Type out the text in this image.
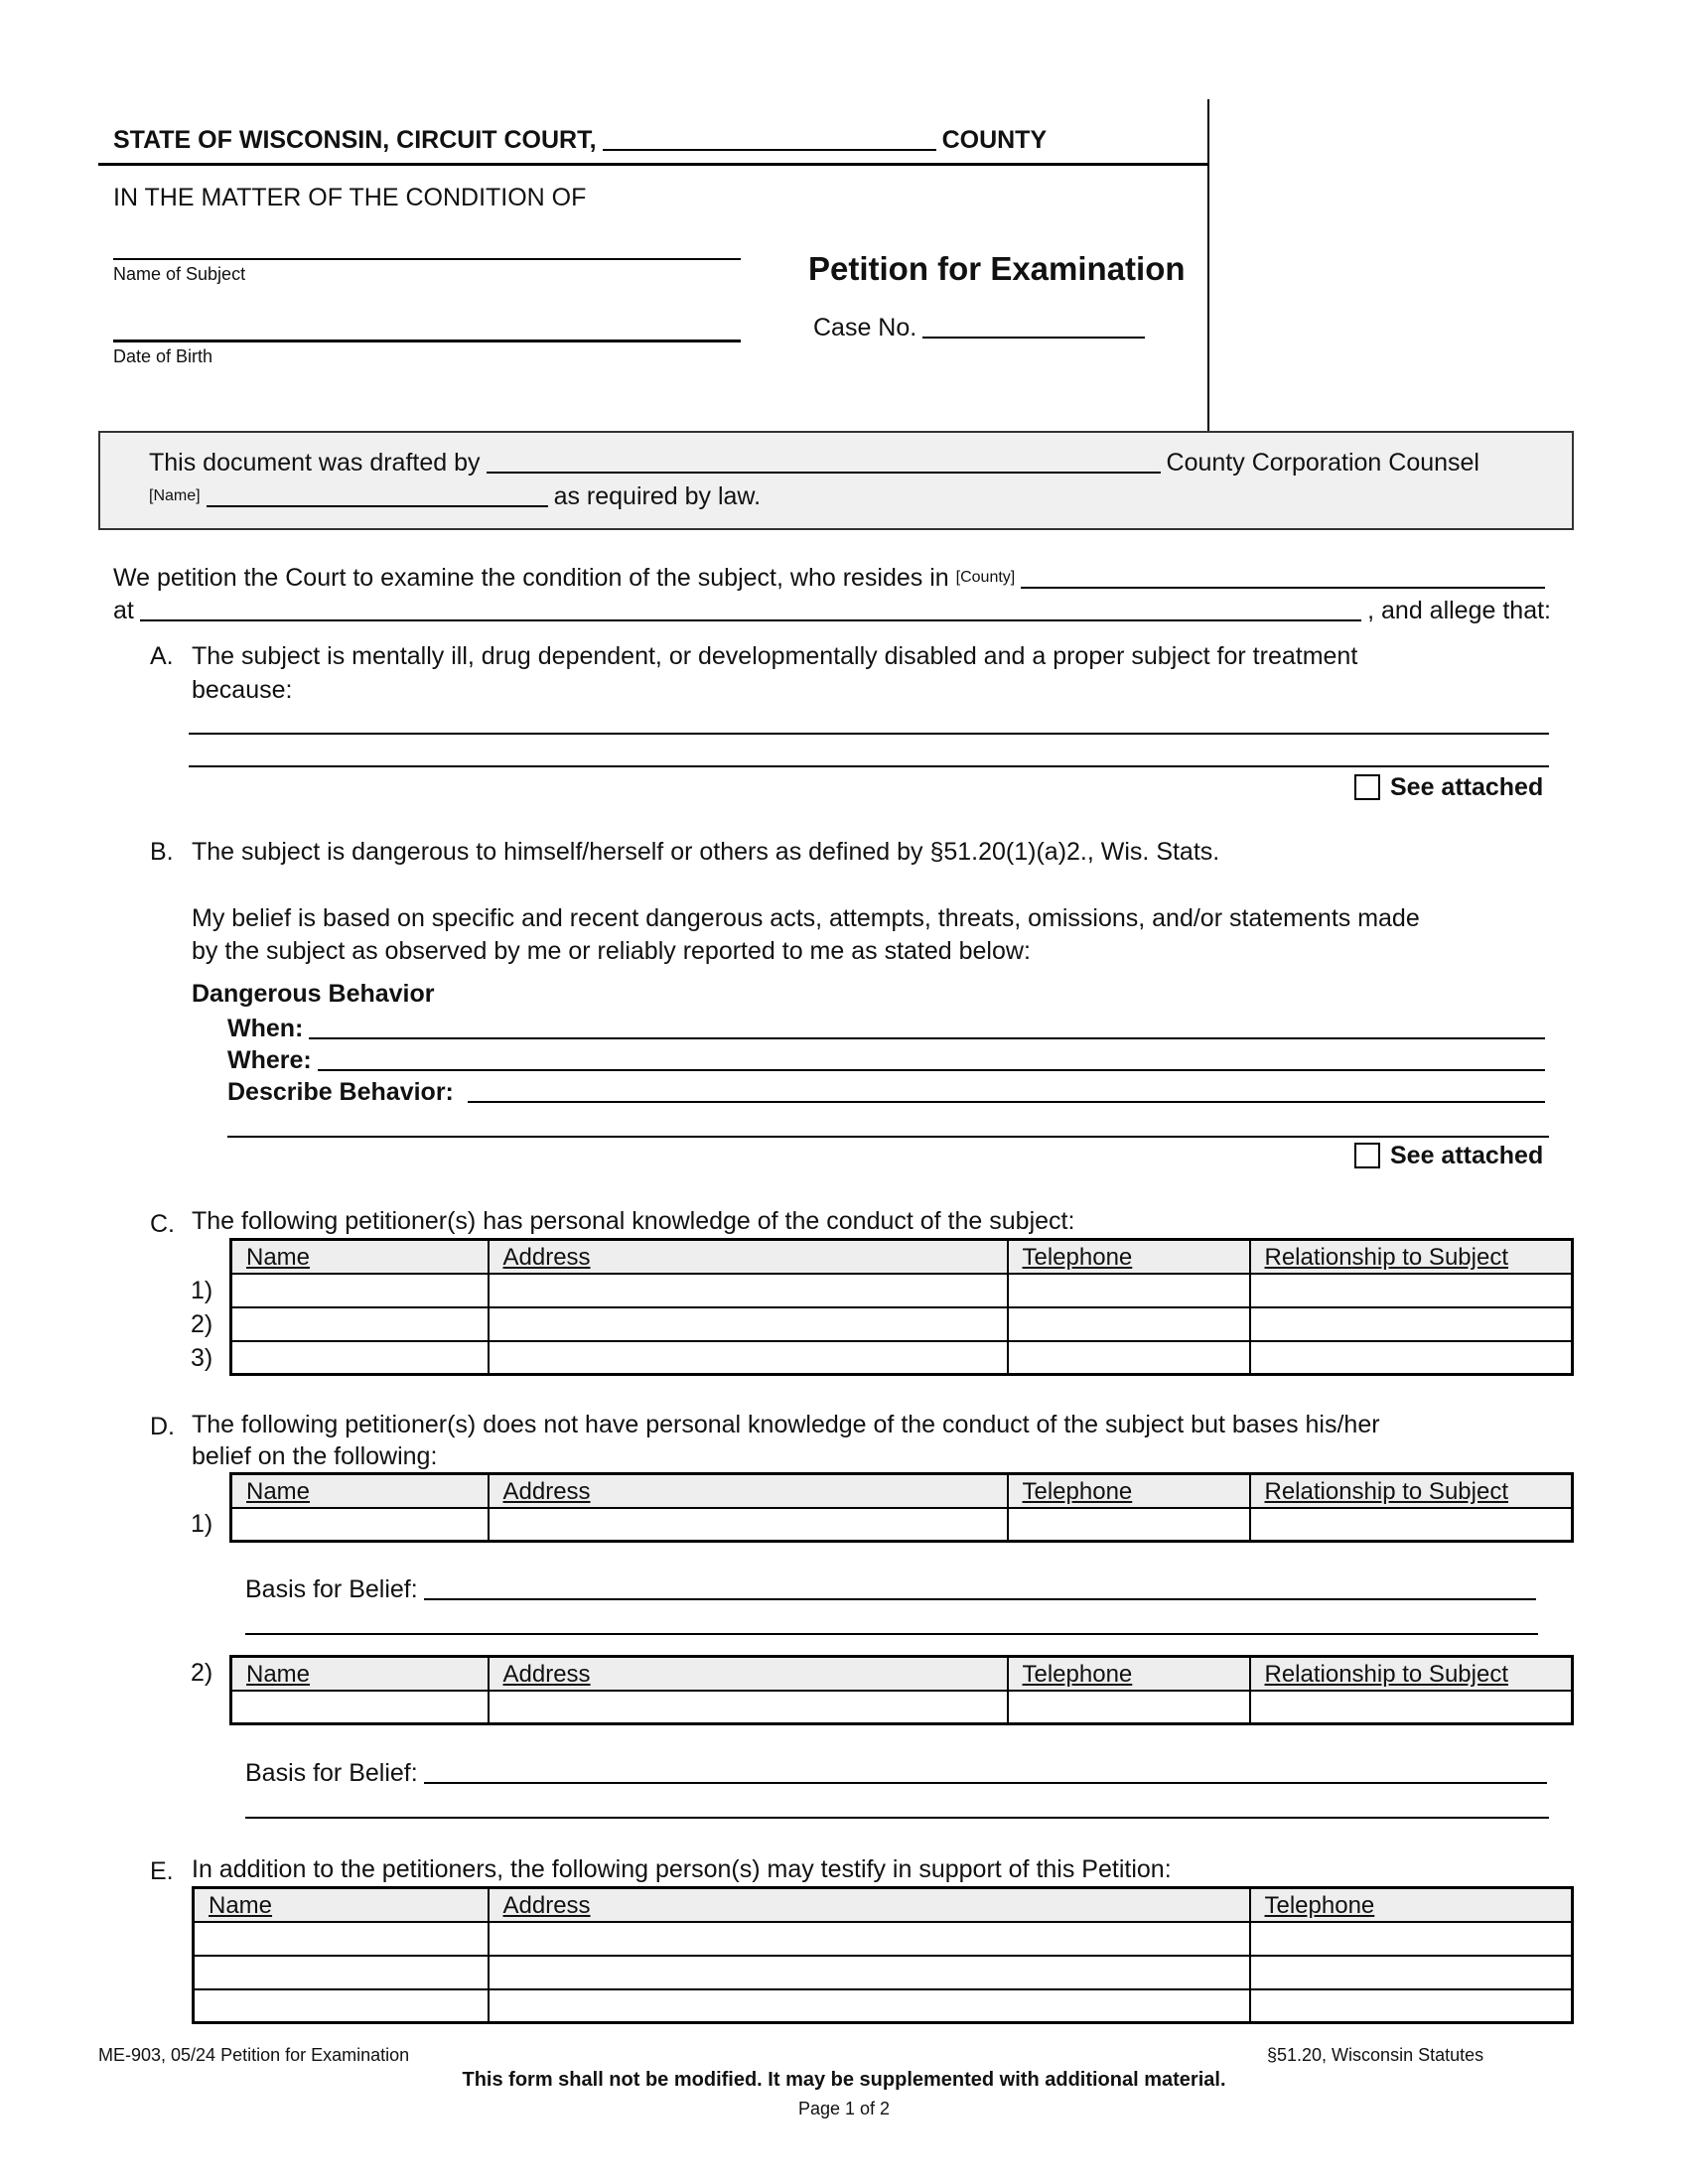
STATE OF WISCONSIN, CIRCUIT COURT,	COUNTY
IN THE MATTER OF THE CONDITION OF
Name of Subject
Date of Birth
Petition for Examination
Case No.
This document was drafted by	County Corporation Counsel
[Name]	as required by law.
We petition the Court to examine the condition of the subject, who resides in
[County]
at	, and allege that:
A. The subject is mentally ill, drug dependent, or developmentally disabled and a proper subject for treatment
because:
See attached
B. The subject is dangerous to himself/herself or others as defined by §51.20(1)(a)2., Wis. Stats.
My belief is based on specific and recent dangerous acts, attempts, threats, omissions, and/or statements made
by the subject as observed by me or reliably reported to me as stated below:
Dangerous Behavior
When:
Where:
Describe Behavior:
See attached
C. The following petitioner(s) has personal knowledge of the conduct of the subject:
Name	Address	Telephone	Relationship to Subject

1)
2)
3)
D. The following petitioner(s) does not have personal knowledge of the conduct of the subject but bases his/her
belief on the following:
Name	Address	Telephone	Relationship to Subject

1)
Basis for Belief:
2) Name	Address	Telephone	Relationship to Subject

Basis for Belief:
E. In addition to the petitioners, the following person(s) may testify in support of this Petition:
Name	Address	Telephone

ME-903, 05/24 Petition for Examination	§51.20, Wisconsin Statutes
This form shall not be modified. It may be supplemented with additional material.
Page 1 of 2
